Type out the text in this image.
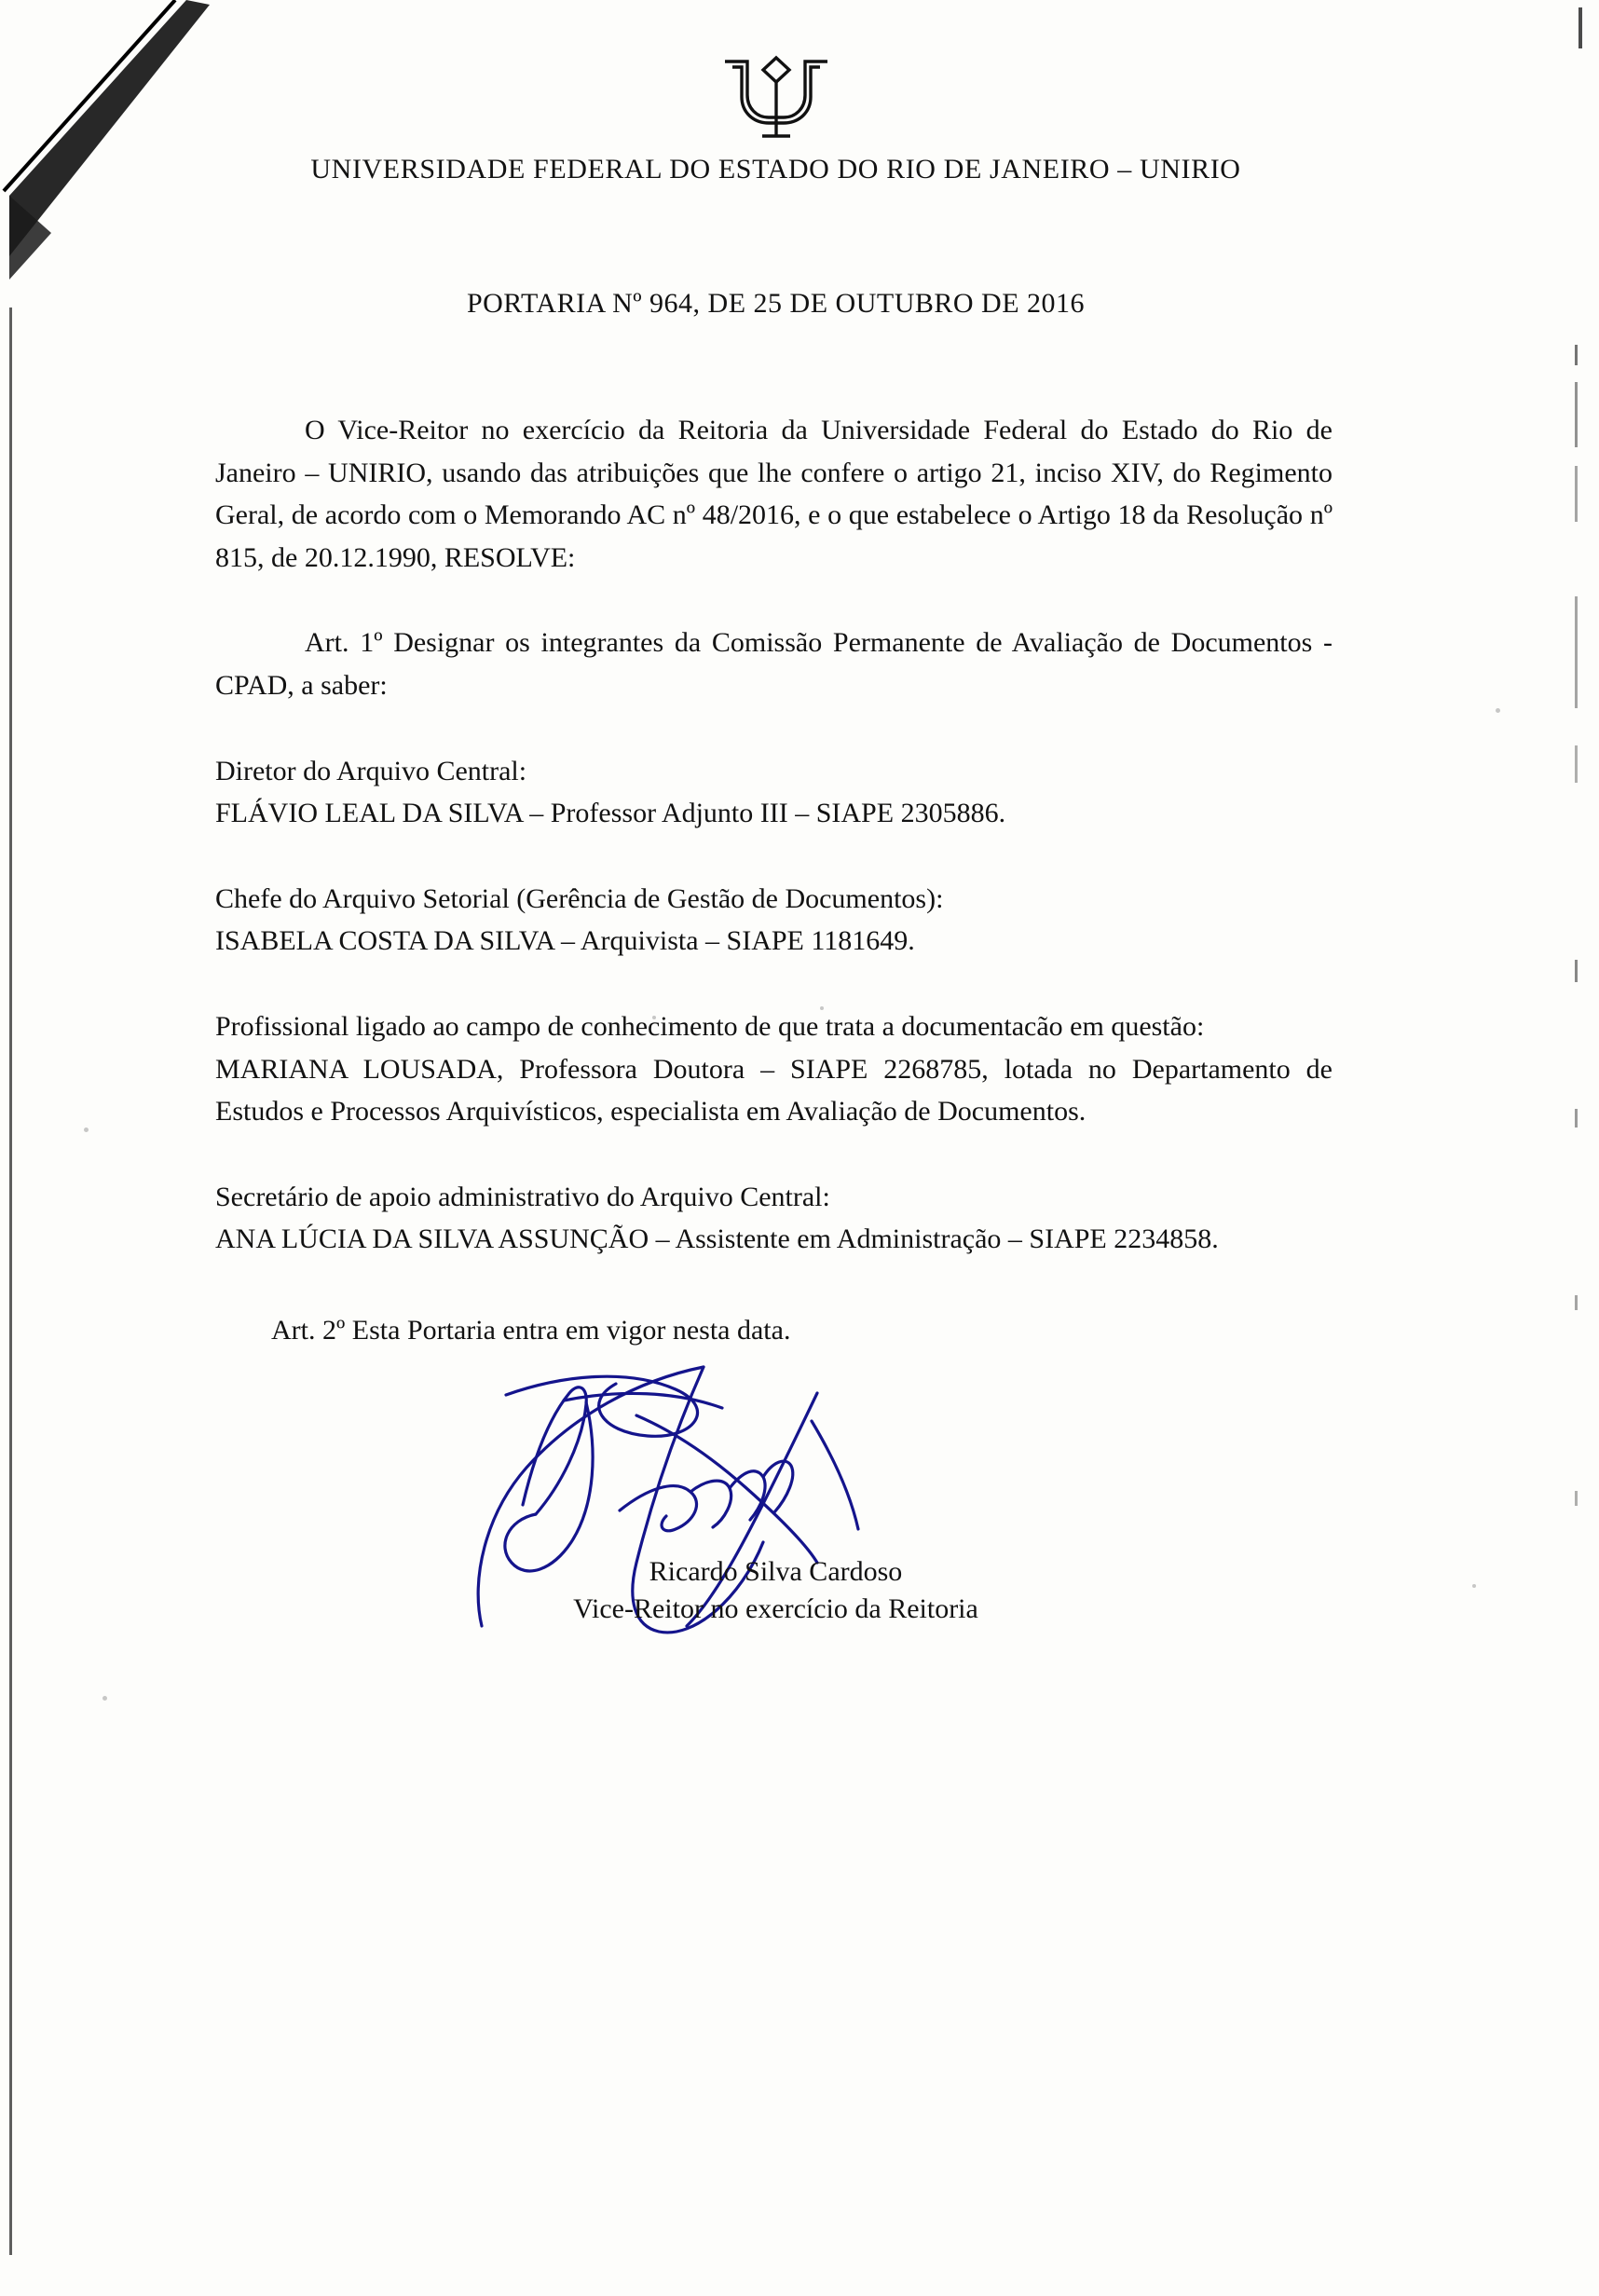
UNIVERSIDADE FEDERAL DO ESTADO DO RIO DE JANEIRO – UNIRIO
PORTARIA Nº 964, DE 25 DE OUTUBRO DE 2016

O Vice-Reitor no exercício da Reitoria da Universidade Federal do Estado do Rio de Janeiro – UNIRIO, usando das atribuições que lhe confere o artigo 21, inciso XIV, do Regimento Geral, de acordo com o Memorando AC nº 48/2016, e o que estabelece o Artigo 18 da Resolução nº 815, de 20.12.1990, RESOLVE:

Art. 1º Designar os integrantes da Comissão Permanente de Avaliação de Documentos - CPAD, a saber:

Diretor do Arquivo Central:

FLÁVIO LEAL DA SILVA – Professor Adjunto III – SIAPE 2305886.

Chefe do Arquivo Setorial (Gerência de Gestão de Documentos):

ISABELA COSTA DA SILVA – Arquivista – SIAPE 1181649.

Profissional ligado ao campo de conhecimento de que trata a documentacão em questão:

MARIANA LOUSADA, Professora Doutora – SIAPE 2268785, lotada no Departamento de Estudos e Processos Arquivísticos, especialista em Avaliação de Documentos.

Secretário de apoio administrativo do Arquivo Central:

ANA LÚCIA DA SILVA ASSUNÇÃO – Assistente em Administração – SIAPE 2234858.

Art. 2º Esta Portaria entra em vigor nesta data.
Ricardo Silva Cardoso
Vice-Reitor no exercício da Reitoria
